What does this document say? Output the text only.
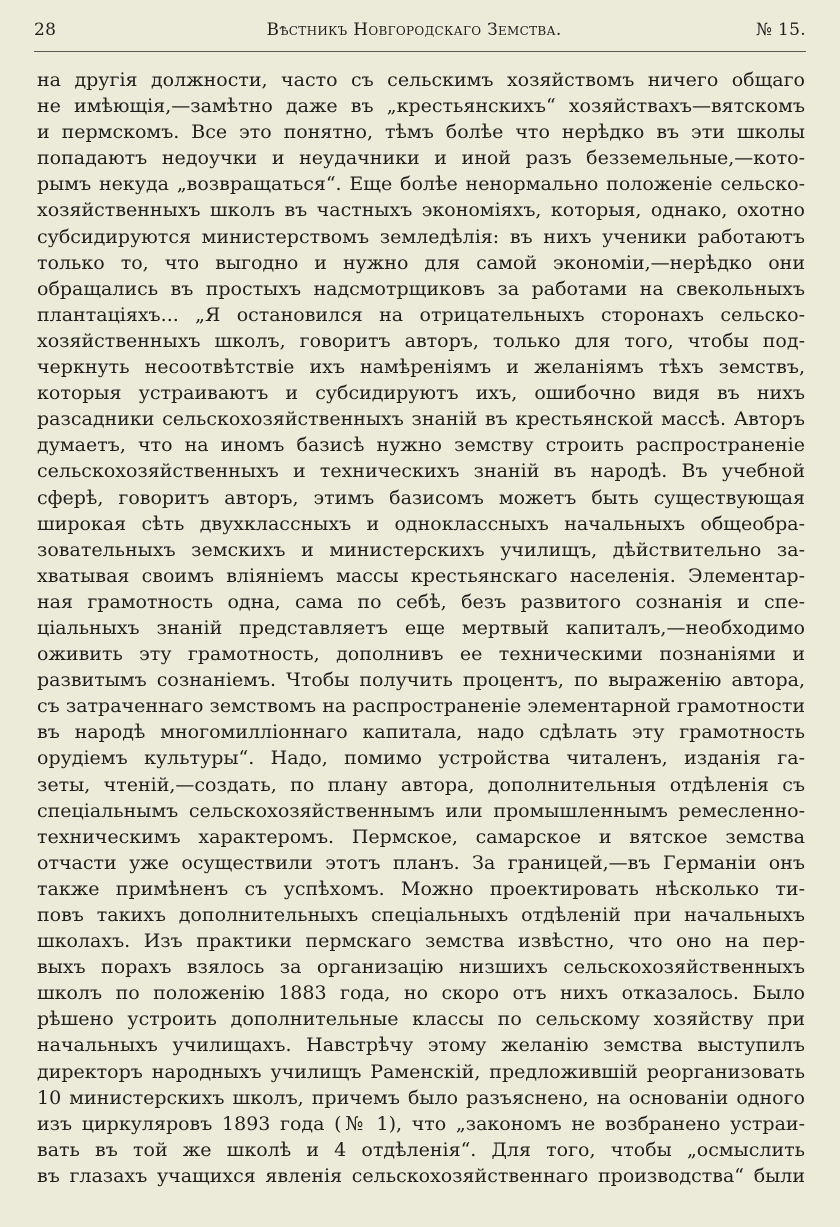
28	Вѣстникъ Новгородскаго Земства.	№ 15.
на другія должности, часто съ сельскимъ хозяйствомъ ничего общаго
не имѣющія,—замѣтно даже въ „крестьянскихъ“ хозяйствахъ—вятскомъ
и пермскомъ. Все это понятно, тѣмъ болѣе что нерѣдко въ эти школы
попадаютъ недоучки и неудачники и иной разъ безземельные,—кото-
рымъ некуда „возвращаться“. Еще болѣе ненормально положеніе сельско-
хозяйственныхъ школъ въ частныхъ экономіяхъ, которыя, однако, охотно
субсидируются министерствомъ земледѣлія: въ нихъ ученики работаютъ
только то, что выгодно и нужно для самой экономіи,—нерѣдко они
обращались въ простыхъ надсмотрщиковъ за работами на свекольныхъ
плантаціяхъ... „Я остановился на отрицательныхъ сторонахъ сельско-
хозяйственныхъ школъ, говоритъ авторъ, только для того, чтобы под-
черкнуть несоотвѣтствіе ихъ намѣреніямъ и желаніямъ тѣхъ земствъ,
которыя устраиваютъ и субсидируютъ ихъ, ошибочно видя въ нихъ
разсадники сельскохозяйственныхъ знаній въ крестьянской массѣ. Авторъ
думаетъ, что на иномъ базисѣ нужно земству строить распространеніе
сельскохозяйственныхъ и техническихъ знаній въ народѣ. Въ учебной
сферѣ, говоритъ авторъ, этимъ базисомъ можетъ быть существующая
широкая сѣть двухклассныхъ и одноклассныхъ начальныхъ общеобра-
зовательныхъ земскихъ и министерскихъ училищъ, дѣйствительно за-
хватывая своимъ вліяніемъ массы крестьянскаго населенія. Элементар-
ная грамотность одна, сама по себѣ, безъ развитого сознанія и спе-
ціальныхъ знаній представляетъ еще мертвый капиталъ,—необходимо
оживить эту грамотность, дополнивъ ее техническими познаніями и
развитымъ сознаніемъ. Чтобы получить процентъ, по выраженію автора,
съ затраченнаго земствомъ на распространеніе элементарной грамотности
въ народѣ многомилліоннаго капитала, надо сдѣлать эту грамотность
орудіемъ культуры“. Надо, помимо устройства читаленъ, изданія га-
зеты, чтеній,—создать, по плану автора, дополнительныя отдѣленія съ
спеціальнымъ сельскохозяйственнымъ или промышленнымъ ремесленно-
техническимъ характеромъ. Пермское, самарское и вятское земства
отчасти уже осуществили этотъ планъ. За границей,—въ Германіи онъ
также примѣненъ съ успѣхомъ. Можно проектировать нѣсколько ти-
повъ такихъ дополнительныхъ спеціальныхъ отдѣленій при начальныхъ
школахъ. Изъ практики пермскаго земства извѣстно, что оно на пер-
выхъ порахъ взялось за организацію низшихъ сельскохозяйственныхъ
школъ по положенію 1883 года, но скоро отъ нихъ отказалось. Было
рѣшено устроить дополнительные классы по сельскому хозяйству при
начальныхъ училищахъ. Навстрѣчу этому желанію земства выступилъ
директоръ народныхъ училищъ Раменскій, предложившій реорганизовать
10 министерскихъ школъ, причемъ было разъяснено, на основаніи одного
изъ циркуляровъ 1893 года (№ 1), что „закономъ не возбранено устраи-
вать въ той же школѣ и 4 отдѣленія“. Для того, чтобы „осмыслить
въ глазахъ учащихся явленія сельскохозяйственнаго производства“ были
